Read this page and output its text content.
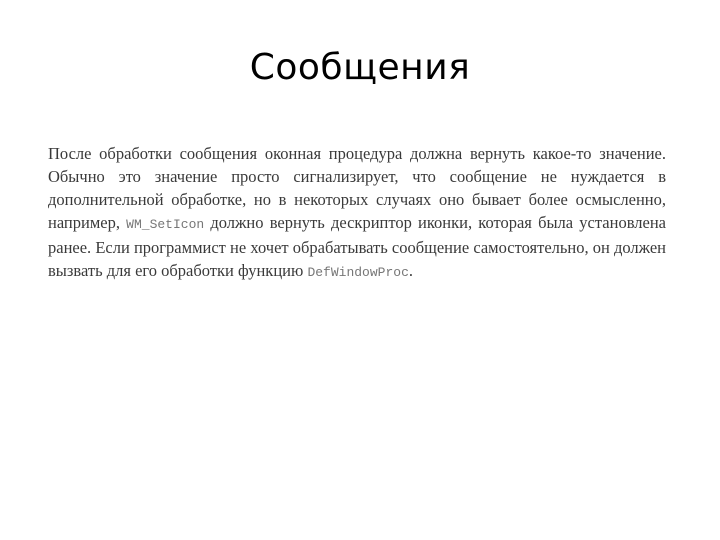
Сообщения

После обработки сообщения оконная процедура должна вернуть какое-то значение. Обычно это значение просто сигнализирует, что сообщение не нуждается в дополнительной обработке, но в некоторых случаях оно бывает более осмысленно, например, WM_SetIcon должно вернуть дескриптор иконки, которая была установлена ранее. Если программист не хочет обрабатывать сообщение самостоятельно, он должен вызвать для его обработки функцию DefWindowProc.
